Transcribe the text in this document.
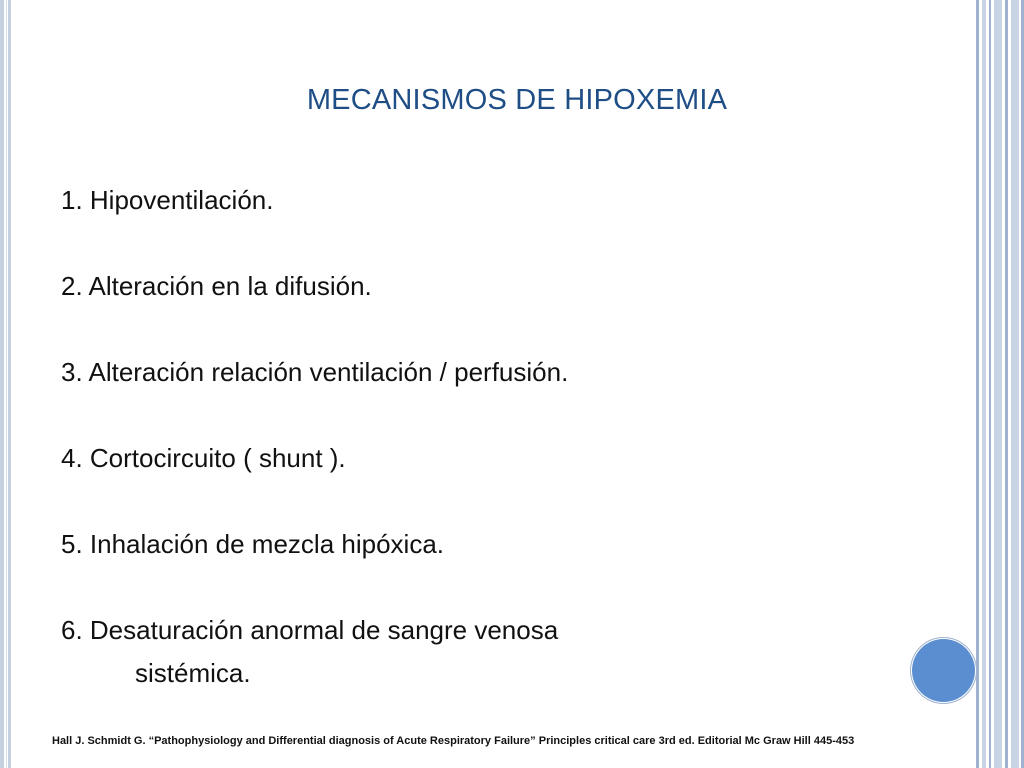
MECANISMOS DE HIPOXEMIA
1. Hipoventilación.
2. Alteración en la difusión.
3. Alteración relación ventilación / perfusión.
4. Cortocircuito ( shunt ).
5. Inhalación de mezcla hipóxica.
6. Desaturación anormal de sangre venosa
sistémica.
Hall J. Schmidt G. “Pathophysiology and Differential diagnosis of Acute Respiratory Failure” Principles critical care 3rd ed. Editorial Mc Graw Hill 445-453
